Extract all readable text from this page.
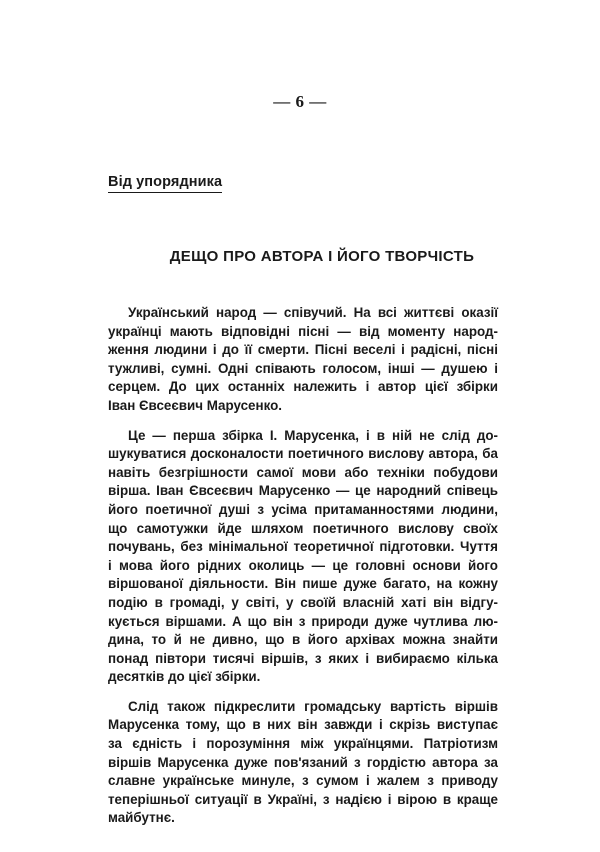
— 6 —
Від упорядника
ДЕЩО ПРО АВТОРА І ЙОГО ТВОРЧІСТЬ
Український народ — співучий. На всі життєві оказії
українці мають відповідні пісні — від моменту народ-
ження людини і до її смерти. Пісні веселі і радісні, пісні
тужливі, сумні. Одні співають голосом, інші — душею і
серцем. До цих останніх належить і автор цієї збірки
Іван Євсеєвич Марусенко.
Це — перша збірка І. Марусенка, і в ній не слід до-
шукуватися досконалости поетичного вислову автора, ба
навіть безгрішности самої мови або техніки побудови
вірша. Іван Євсеєвич Марусенко — це народний співець
його поетичної душі з усіма притаманностями людини,
що самотужки йде шляхом поетичного вислову своїх
почувань, без мінімальної теоретичної підготовки. Чуття
і мова його рідних околиць — це головні основи його
віршованої діяльности. Він пише дуже багато, на кожну
подію в громаді, у світі, у своїй власній хаті він відгу-
кується віршами. А що він з природи дуже чутлива лю-
дина, то й не дивно, що в його архівах можна знайти
понад півтори тисячі віршів, з яких і вибираємо кілька
десятків до цієї збірки.
Слід також підкреслити громадську вартість віршів
Марусенка тому, що в них він завжди і скрізь виступає
за єдність і порозуміння між українцями. Патріотизм
віршів Марусенка дуже пов'язаний з гордістю автора за
славне українське минуле, з сумом і жалем з приводу
теперішньої ситуації в Україні, з надією і вірою в краще
майбутнє.
